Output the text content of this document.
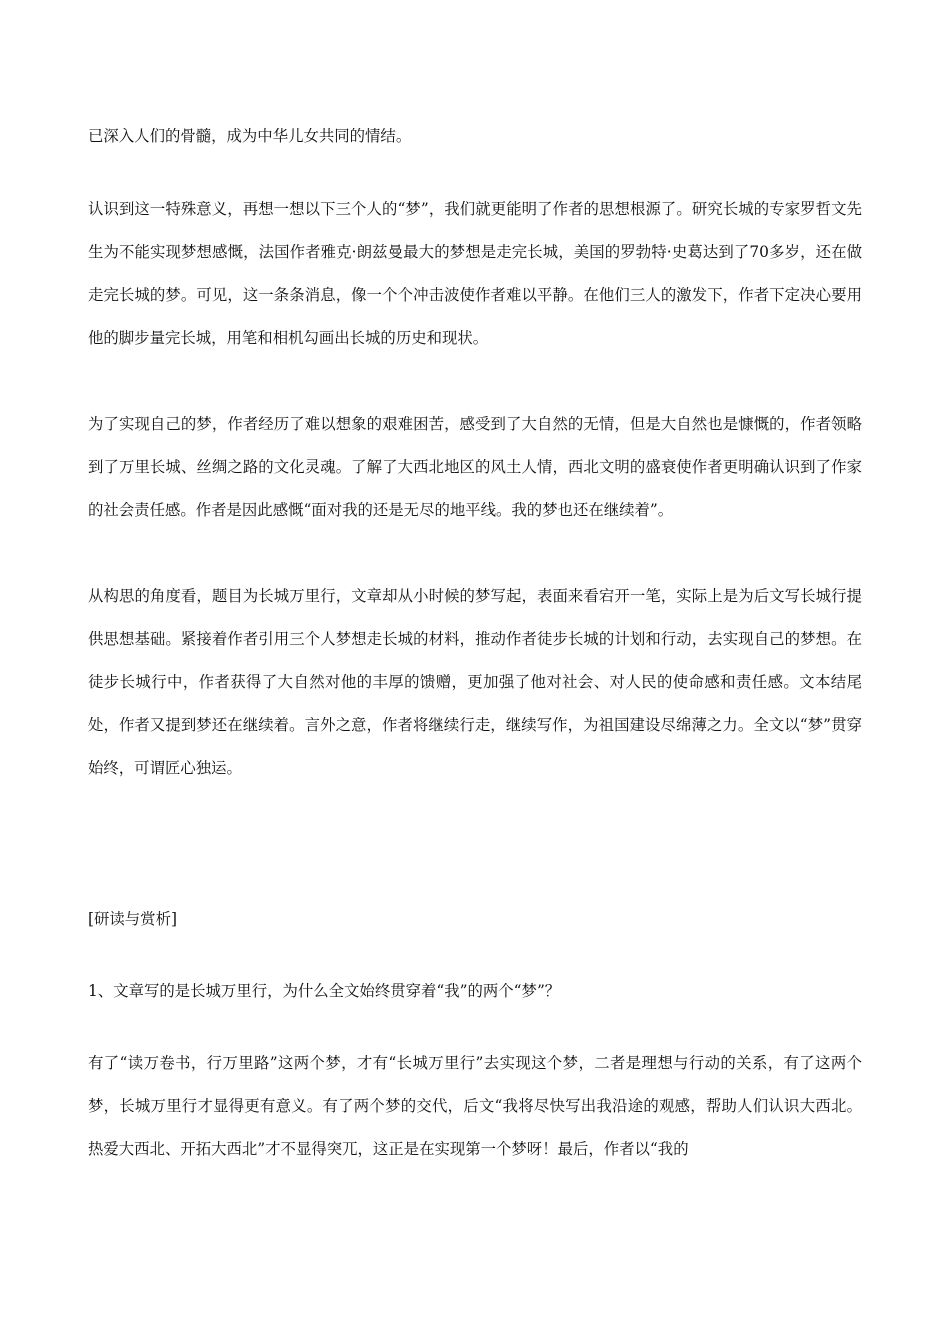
已深入人们的骨髓，成为中华儿女共同的情结。

认识到这一特殊意义，再想一想以下三个人的“梦”，我们就更能明了作者的思想根源了。研究长城的专家罗哲文先生为不能实现梦想感慨，法国作者雅克·朗兹曼最大的梦想是走完长城，美国的罗勃特·史葛达到了70多岁，还在做走完长城的梦。可见，这一条条消息，像一个个冲击波使作者难以平静。在他们三人的激发下，作者下定决心要用他的脚步量完长城，用笔和相机勾画出长城的历史和现状。

为了实现自己的梦，作者经历了难以想象的艰难困苦，感受到了大自然的无情，但是大自然也是慷慨的，作者领略到了万里长城、丝绸之路的文化灵魂。了解了大西北地区的风土人情，西北文明的盛衰使作者更明确认识到了作家的社会责任感。作者是因此感慨“面对我的还是无尽的地平线。我的梦也还在继续着”。

从构思的角度看，题目为长城万里行，文章却从小时候的梦写起，表面来看宕开一笔，实际上是为后文写长城行提供思想基础。紧接着作者引用三个人梦想走长城的材料，推动作者徒步长城的计划和行动，去实现自己的梦想。在徒步长城行中，作者获得了大自然对他的丰厚的馈赠，更加强了他对社会、对人民的使命感和责任感。文本结尾处，作者又提到梦还在继续着。言外之意，作者将继续行走，继续写作，为祖国建设尽绵薄之力。全文以“梦”贯穿始终，可谓匠心独运。

[研读与赏析]

1、文章写的是长城万里行，为什么全文始终贯穿着“我”的两个“梦”？

有了“读万卷书，行万里路”这两个梦，才有“长城万里行”去实现这个梦，二者是理想与行动的关系，有了这两个梦，长城万里行才显得更有意义。有了两个梦的交代，后文“我将尽快写出我沿途的观感，帮助人们认识大西北。热爱大西北、开拓大西北”才不显得突兀，这正是在实现第一个梦呀！最后，作者以“我的
